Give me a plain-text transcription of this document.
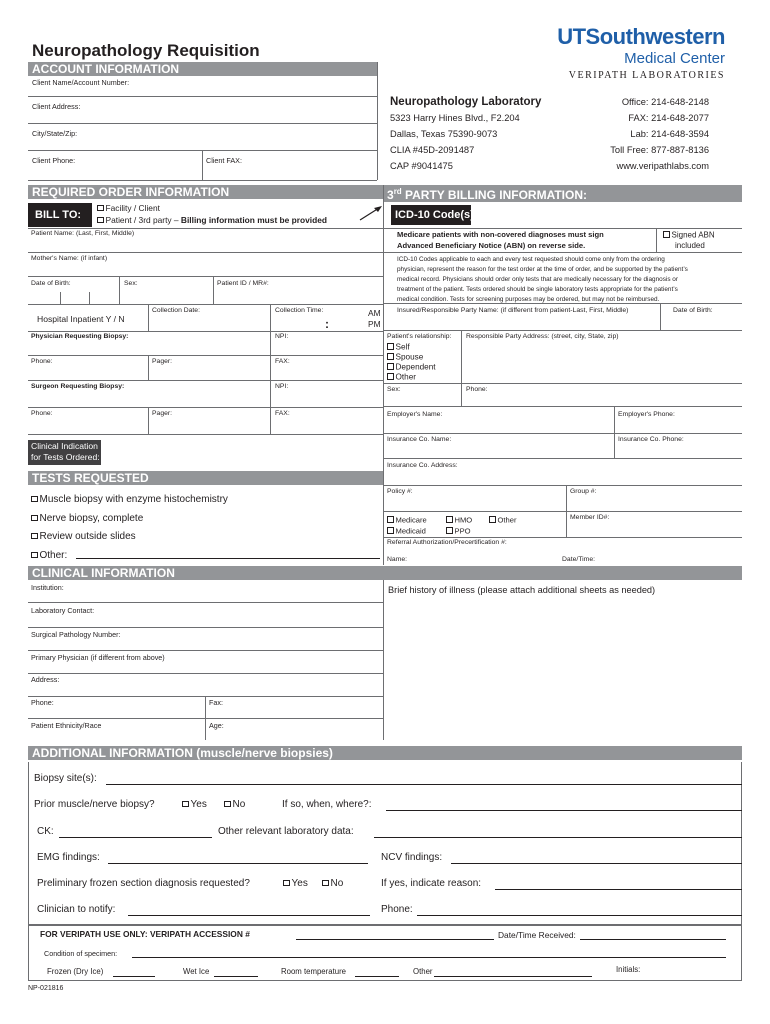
Neuropathology Requisition
UTSouthwestern
Medical Center
VERIPATH LABORATORIES
ACCOUNT INFORMATION
Client Name/Account Number:
Client Address:
City/State/Zip:
Client Phone:	Client FAX:
Neuropathology Laboratory
5323 Harry Hines Blvd., F2.204
Dallas, Texas 75390-9073
CLIA #45D-2091487
CAP #9041475
Office: 214-648-2148
FAX: 214-648-2077
Lab: 214-648-3594
Toll Free: 877-887-8136
www.veripathlabs.com
REQUIRED ORDER INFORMATION	3rd PARTY BILLING INFORMATION:
BILL TO:
Facility / Client
Patient / 3rd party – Billing information must be provided
Patient Name: (Last, First, Middle)
Mother's Name: (if infant)
Date of Birth:	Sex:	Patient ID / MR#:
Hospital Inpatient Y / N
Collection Date:	Collection Time:
:
AM
PM
Physician Requesting Biopsy:	NPI:
Phone:	Pager:	FAX:
Surgeon Requesting Biopsy:	NPI:
Phone:	Pager:	FAX:
Clinical Indication
for Tests Ordered:
TESTS REQUESTED
Muscle biopsy with enzyme histochemistry
Nerve biopsy, complete
Review outside slides
Other:
ICD-10 Code(s)
Medicare patients with non-covered diagnoses must sign
Advanced Beneficiary Notice (ABN) on reverse side.
Signed ABN
included
ICD-10 Codes applicable to each and every test requested should come only from the ordering
physician, represent the reason for the test order at the time of order, and be supported by the patient’s
medical record. Physicians should order only tests that are medically necessary for the diagnosis or
treatment of the patient. Tests ordered should be single laboratory tests appropriate for the patient’s
medical condition. Tests for screening purposes may be ordered, but may not be reimbursed.
Insured/Responsible Party Name: (if different from patient-Last, First, Middle)	Date of Birth:
Patient's relationship:
Self
Spouse
Dependent
Other
Responsible Party Address: (street, city, State, zip)
Sex:	Phone:
Employer's Name:	Employer's Phone:
Insurance Co. Name:	Insurance Co. Phone:
Insurance Co. Address:
Policy #:	Group #:
Medicare	HMO	Other
Medicaid	PPO
Member ID#:
Referral Authorization/Precertification #:
Name:	Date/Time:
CLINICAL INFORMATION
Institution:
Laboratory Contact:
Surgical Pathology Number:
Primary Physician (if different from above)
Address:
Phone:	Fax:
Patient Ethnicity/Race	Age:
Brief history of illness (please attach additional sheets as needed)
ADDITIONAL INFORMATION (muscle/nerve biopsies)
Biopsy site(s):
Prior muscle/nerve biopsy?	Yes	No	If so, when, where?:
CK:	Other relevant laboratory data:
EMG findings:	NCV findings:
Preliminary frozen section diagnosis requested?	Yes	No	If yes, indicate reason:
Clinician to notify:	Phone:
FOR VERIPATH USE ONLY: VERIPATH ACCESSION #	Date/Time Received:
Condition of specimen:
Frozen (Dry Ice)	Wet Ice	Room temperature	Other	Initials:
NP-021816
